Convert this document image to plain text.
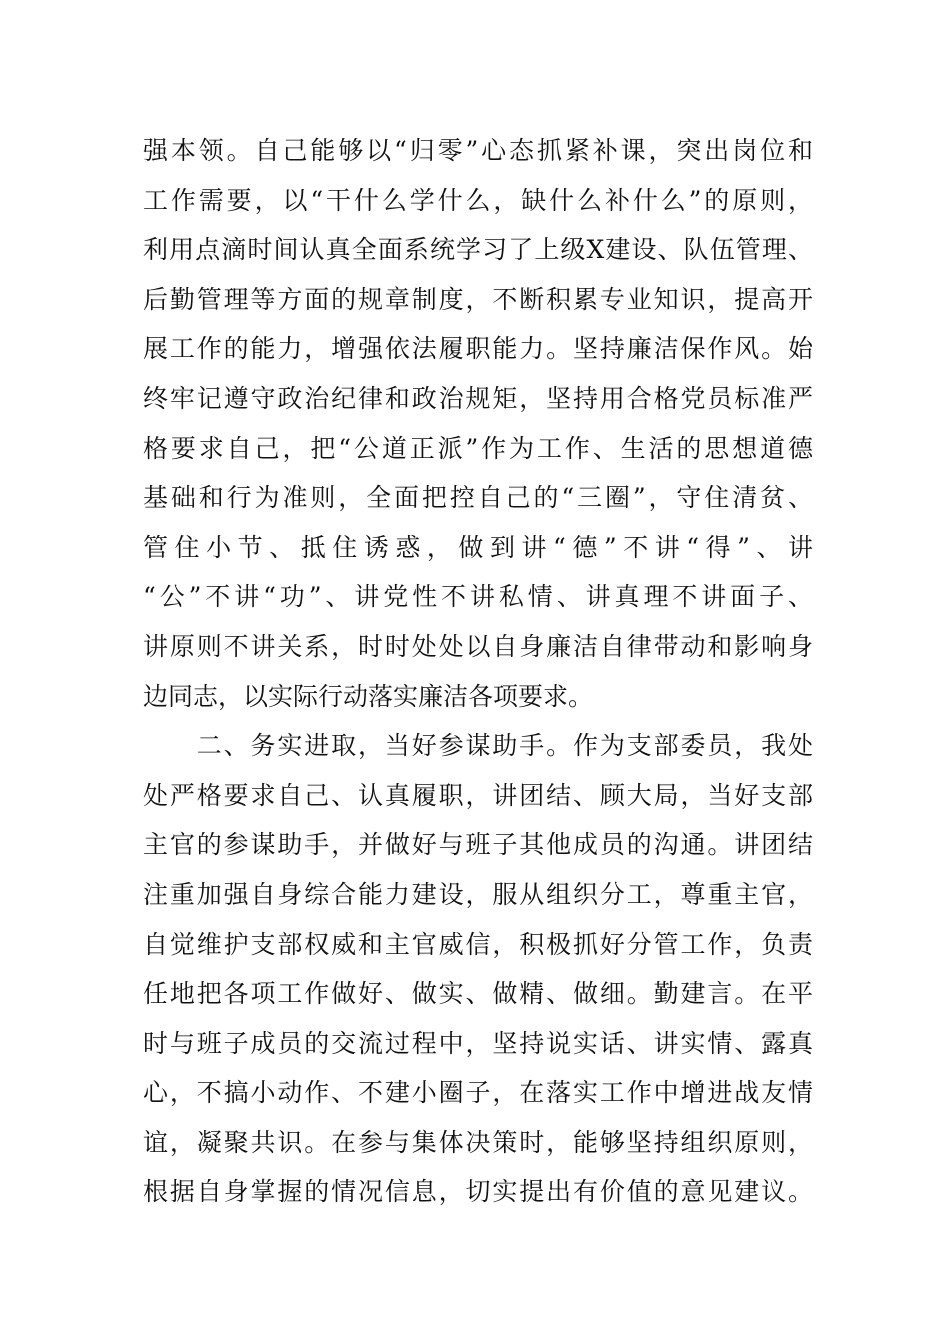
强本领。自己能够以“归零”心态抓紧补课，突出岗位和
工作需要，以“干什么学什么，缺什么补什么”的原则，
利用点滴时间认真全面系统学习了上级X建设、队伍管理、
后勤管理等方面的规章制度，不断积累专业知识，提高开
展工作的能力，增强依法履职能力。坚持廉洁保作风。始
终牢记遵守政治纪律和政治规矩，坚持用合格党员标准严
格要求自己，把“公道正派”作为工作、生活的思想道德
基础和行为准则，全面把控自己的“三圈”，守住清贫、
管住小节、抵住诱惑，做到讲“德”不讲“得”、讲
“公”不讲“功”、讲党性不讲私情、讲真理不讲面子、
讲原则不讲关系，时时处处以自身廉洁自律带动和影响身
边同志，以实际行动落实廉洁各项要求。
　　二、务实进取，当好参谋助手。作为支部委员，我处
处严格要求自己、认真履职，讲团结、顾大局，当好支部
主官的参谋助手，并做好与班子其他成员的沟通。讲团结
注重加强自身综合能力建设，服从组织分工，尊重主官，
自觉维护支部权威和主官威信，积极抓好分管工作，负责
任地把各项工作做好、做实、做精、做细。勤建言。在平
时与班子成员的交流过程中，坚持说实话、讲实情、露真
心，不搞小动作、不建小圈子，在落实工作中增进战友情
谊，凝聚共识。在参与集体决策时，能够坚持组织原则，
根据自身掌握的情况信息，切实提出有价值的意见建议。
